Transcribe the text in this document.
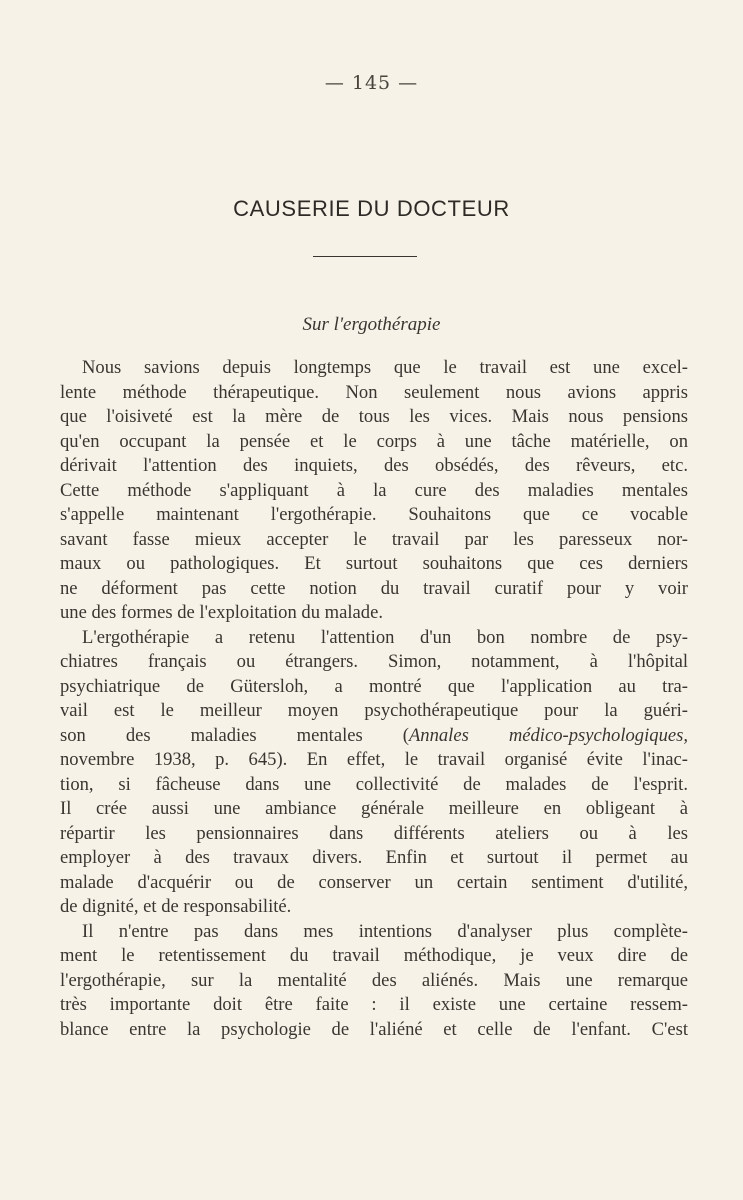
— 145 —
CAUSERIE DU DOCTEUR
Sur l'ergothérapie
Nous savions depuis longtemps que le travail est une excel-
lente méthode thérapeutique. Non seulement nous avions appris
que l'oisiveté est la mère de tous les vices. Mais nous pensions
qu'en occupant la pensée et le corps à une tâche matérielle, on
dérivait l'attention des inquiets, des obsédés, des rêveurs, etc.
Cette méthode s'appliquant à la cure des maladies mentales
s'appelle maintenant l'ergothérapie. Souhaitons que ce vocable
savant fasse mieux accepter le travail par les paresseux nor-
maux ou pathologiques. Et surtout souhaitons que ces derniers
ne déforment pas cette notion du travail curatif pour y voir
une des formes de l'exploitation du malade.
L'ergothérapie a retenu l'attention d'un bon nombre de psy-
chiatres français ou étrangers. Simon, notamment, à l'hôpital
psychiatrique de Gütersloh, a montré que l'application au tra-
vail est le meilleur moyen psychothérapeutique pour la guéri-
son des maladies mentales (Annales médico-psychologiques,
novembre 1938, p. 645). En effet, le travail organisé évite l'inac-
tion, si fâcheuse dans une collectivité de malades de l'esprit.
Il crée aussi une ambiance générale meilleure en obligeant à
répartir les pensionnaires dans différents ateliers ou à les
employer à des travaux divers. Enfin et surtout il permet au
malade d'acquérir ou de conserver un certain sentiment d'utilité,
de dignité, et de responsabilité.
Il n'entre pas dans mes intentions d'analyser plus complète-
ment le retentissement du travail méthodique, je veux dire de
l'ergothérapie, sur la mentalité des aliénés. Mais une remarque
très importante doit être faite : il existe une certaine ressem-
blance entre la psychologie de l'aliéné et celle de l'enfant. C'est
